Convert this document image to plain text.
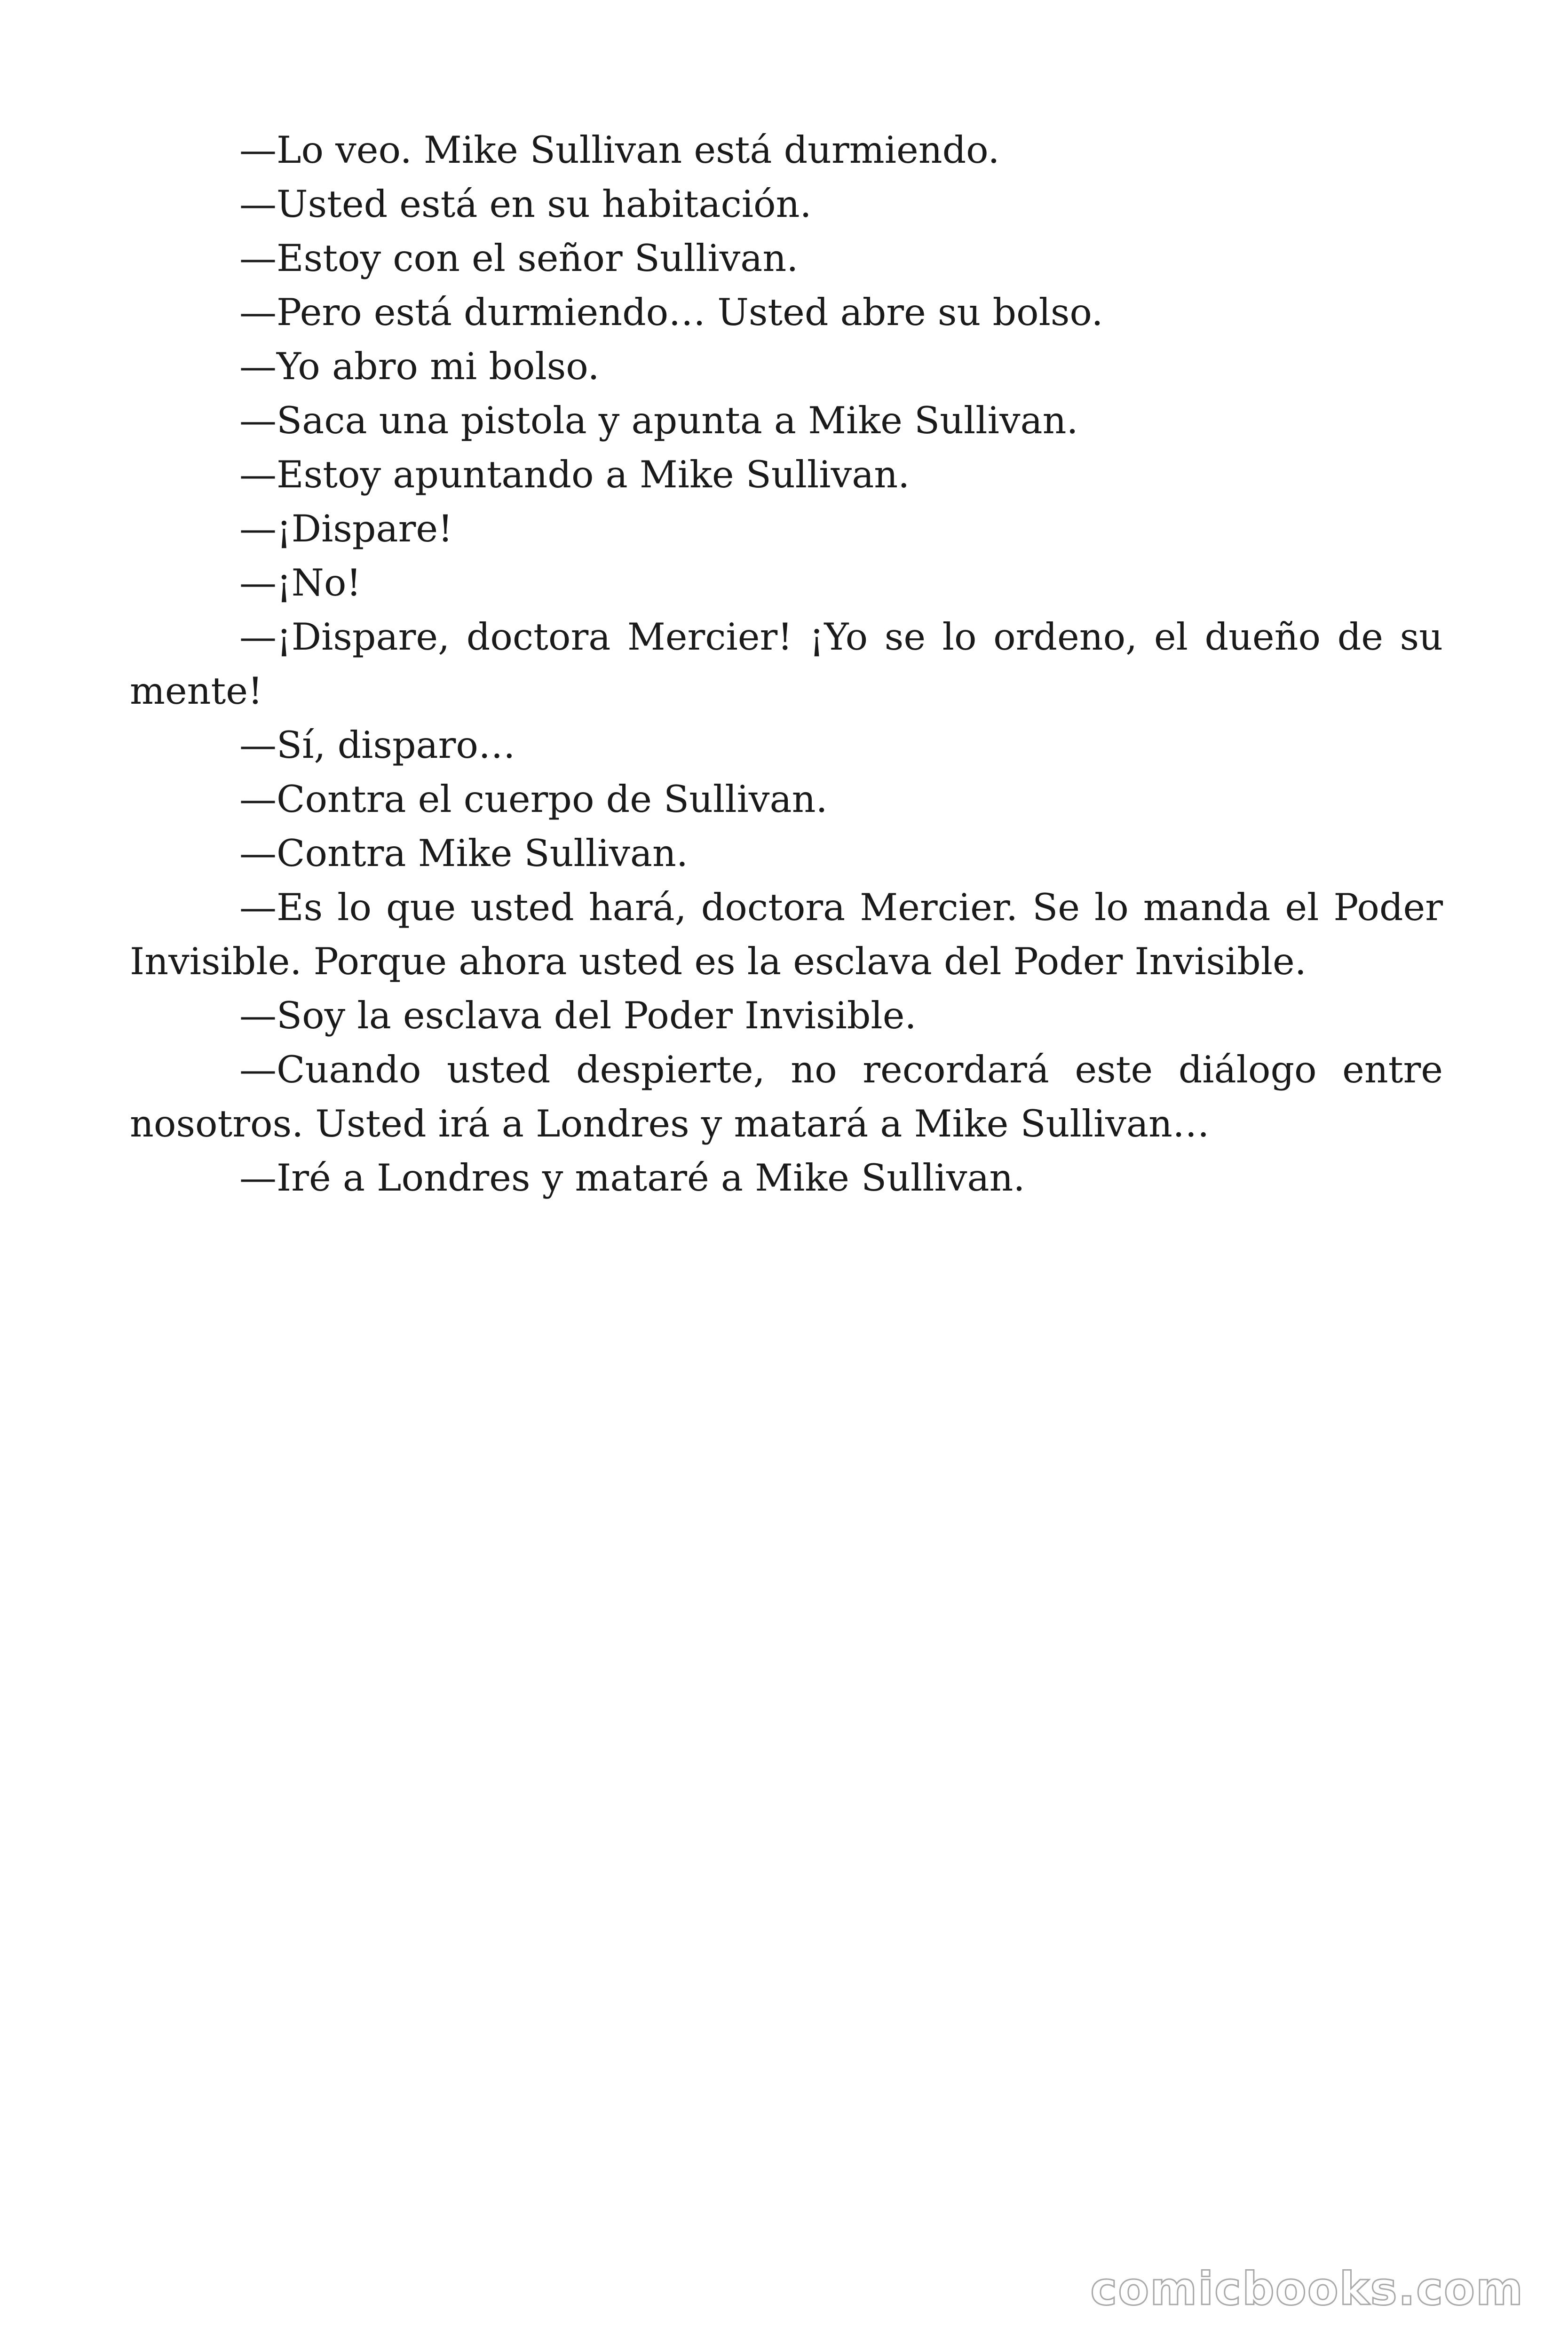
—Lo veo. Mike Sullivan está durmiendo.

—Usted está en su habitación.

—Estoy con el señor Sullivan.

—Pero está durmiendo… Usted abre su bolso.

—Yo abro mi bolso.

—Saca una pistola y apunta a Mike Sullivan.

—Estoy apuntando a Mike Sullivan.

—¡Dispare!

—¡No!

—¡Dispare, doctora Mercier! ¡Yo se lo ordeno, el dueño de su mente!

—Sí, disparo…

—Contra el cuerpo de Sullivan.

—Contra Mike Sullivan.

—Es lo que usted hará, doctora Mercier. Se lo manda el Poder Invisible. Porque ahora usted es la esclava del Poder Invisible.

—Soy la esclava del Poder Invisible.

—Cuando usted despierte, no recordará este diálogo entre nosotros. Usted irá a Londres y matará a Mike Sullivan…

—Iré a Londres y mataré a Mike Sullivan.

comicbooks.com
